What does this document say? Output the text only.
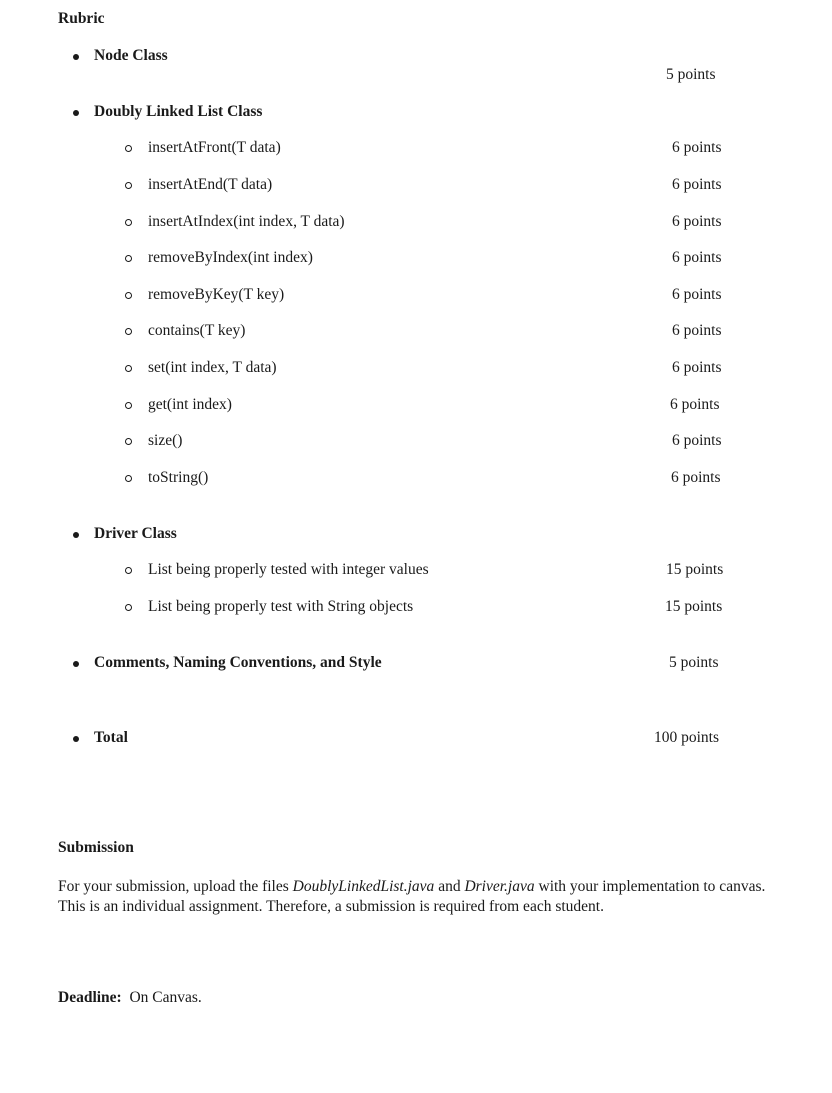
Rubric
Node Class
5 points
Doubly Linked List Class
insertAtFront(T data)	6 points
insertAtEnd(T data)	6 points
insertAtIndex(int index, T data)	6 points
removeByIndex(int index)	6 points
removeByKey(T key)	6 points
contains(T key)	6 points
set(int index, T data)	6 points
get(int index)	6 points
size()	6 points
toString()	6 points
Driver Class
List being properly tested with integer values	15 points
List being properly test with String objects	15 points
Comments, Naming Conventions, and Style	5 points
Total	100 points
Submission
For your submission, upload the files DoublyLinkedList.java and Driver.java with your implementation to canvas. This is an individual assignment. Therefore, a submission is required from each student.
Deadline: On Canvas.
